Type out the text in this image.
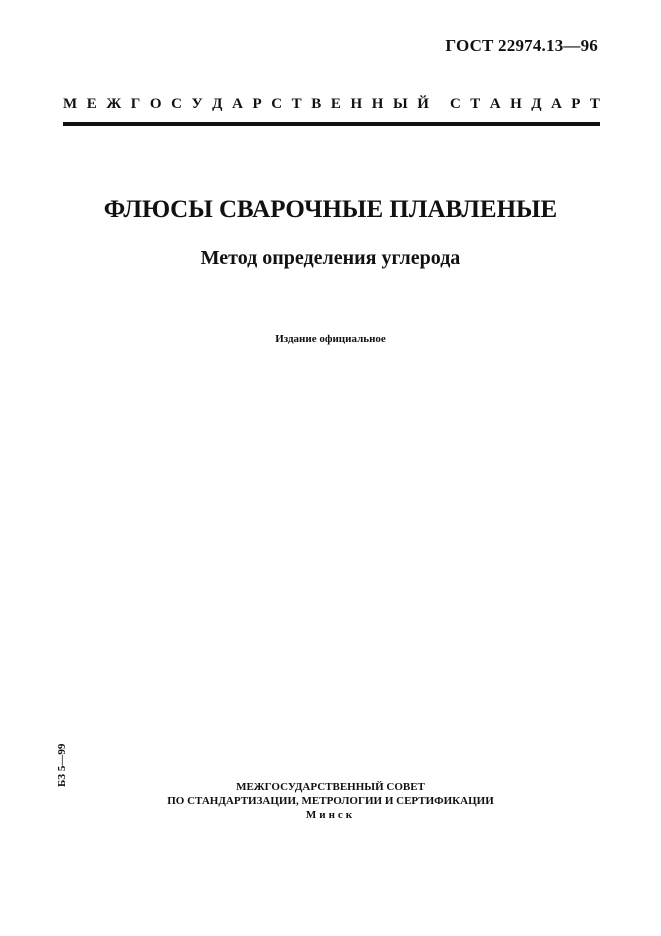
ГОСТ 22974.13—96
М Е Ж Г О С У Д А Р С Т В Е Н Н Ы Й С Т А Н Д А Р Т
ФЛЮСЫ СВАРОЧНЫЕ ПЛАВЛЕНЫЕ
Метод определения углерода
Издание официальное
БЗ 5—99	МЕЖГОСУДАРСТВЕННЫЙ СОВЕТ
ПО СТАНДАРТИЗАЦИИ, МЕТРОЛОГИИ И СЕРТИФИКАЦИИ
Минск
